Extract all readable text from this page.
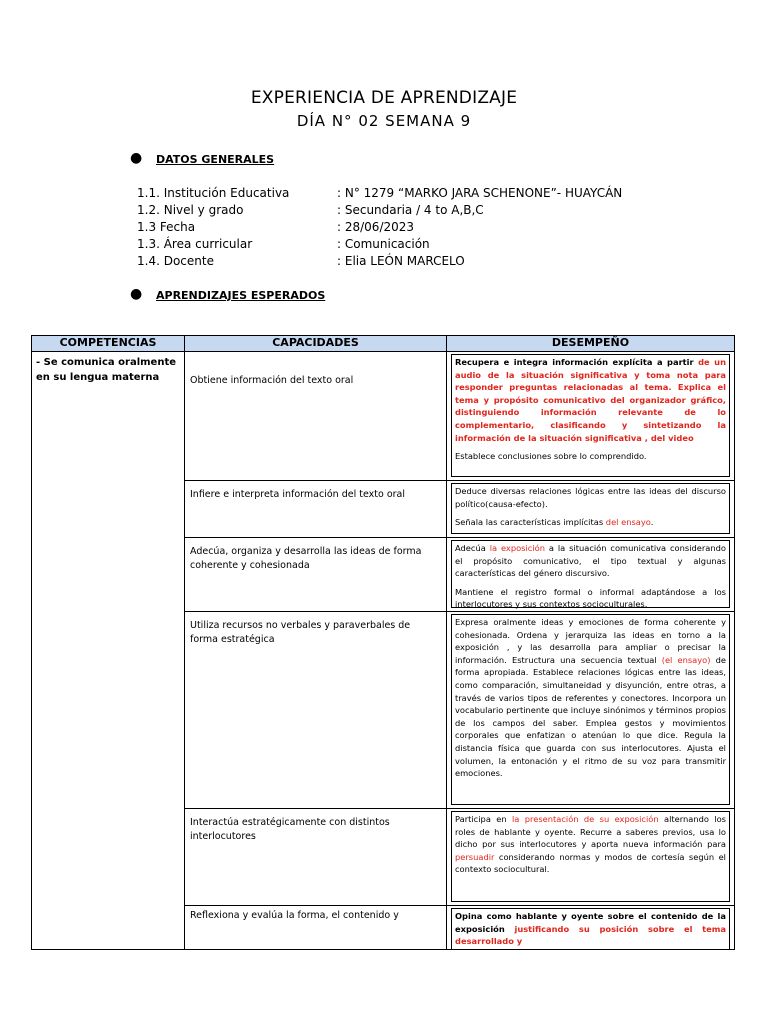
EXPERIENCIA DE APRENDIZAJE
DÍA N° 02 SEMANA 9
● DATOS GENERALES
1.1. Institución Educativa	: N° 1279 “MARKO JARA SCHENONE”- HUAYCÁN
1.2. Nivel y grado	: Secundaria / 4 to A,B,C
1.3 Fecha	: 28/06/2023
1.3. Área curricular	: Comunicación
1.4. Docente	: Elia LEÓN MARCELO
● APRENDIZAJES ESPERADOS
COMPETENCIAS	CAPACIDADES	DESEMPEÑO
- Se comunica oralmente en su lengua materna	Obtiene información del texto oral	Recupera e integra información explícita a partir de un audio de la situación significativa y toma nota para responder preguntas relacionadas al tema. Explica el tema y propósito comunicativo del organizador gráfico, distinguiendo información relevante de lo complementario, clasificando y sintetizando la información de la situación significativa , del video

Establece conclusiones sobre lo comprendido.

	Infiere e interpreta información del texto oral	Deduce diversas relaciones lógicas entre las ideas del discurso político(causa-efecto).

Señala las características implícitas del ensayo.

	Adecúa, organiza y desarrolla las ideas de forma coherente y cohesionada	Adecúa la exposición a la situación comunicativa considerando el propósito comunicativo, el tipo textual y algunas características del género discursivo.

Mantiene el registro formal o informal adaptándose a los interlocutores y sus contextos socioculturales.

	Utiliza recursos no verbales y paraverbales de forma estratégica	Expresa oralmente ideas y emociones de forma coherente y cohesionada. Ordena y jerarquiza las ideas en torno a la exposición , y las desarrolla para ampliar o precisar la información. Estructura una secuencia textual (el ensayo) de forma apropiada. Establece relaciones lógicas entre las ideas, como comparación, simultaneidad y disyunción, entre otras, a través de varios tipos de referentes y conectores. Incorpora un vocabulario pertinente que incluye sinónimos y términos propios de los campos del saber. Emplea gestos y movimientos corporales que enfatizan o atenúan lo que dice. Regula la distancia física que guarda con sus interlocutores. Ajusta el volumen, la entonación y el ritmo de su voz para transmitir emociones.

	Interactúa estratégicamente con distintos interlocutores	Participa en la presentación de su exposición alternando los roles de hablante y oyente. Recurre a saberes previos, usa lo dicho por sus interlocutores y aporta nueva información para persuadir considerando normas y modos de cortesía según el contexto sociocultural.

	Reflexiona y evalúa la forma, el contenido y	Opina como hablante y oyente sobre el contenido de la exposición justificando su posición sobre el tema desarrollado y
